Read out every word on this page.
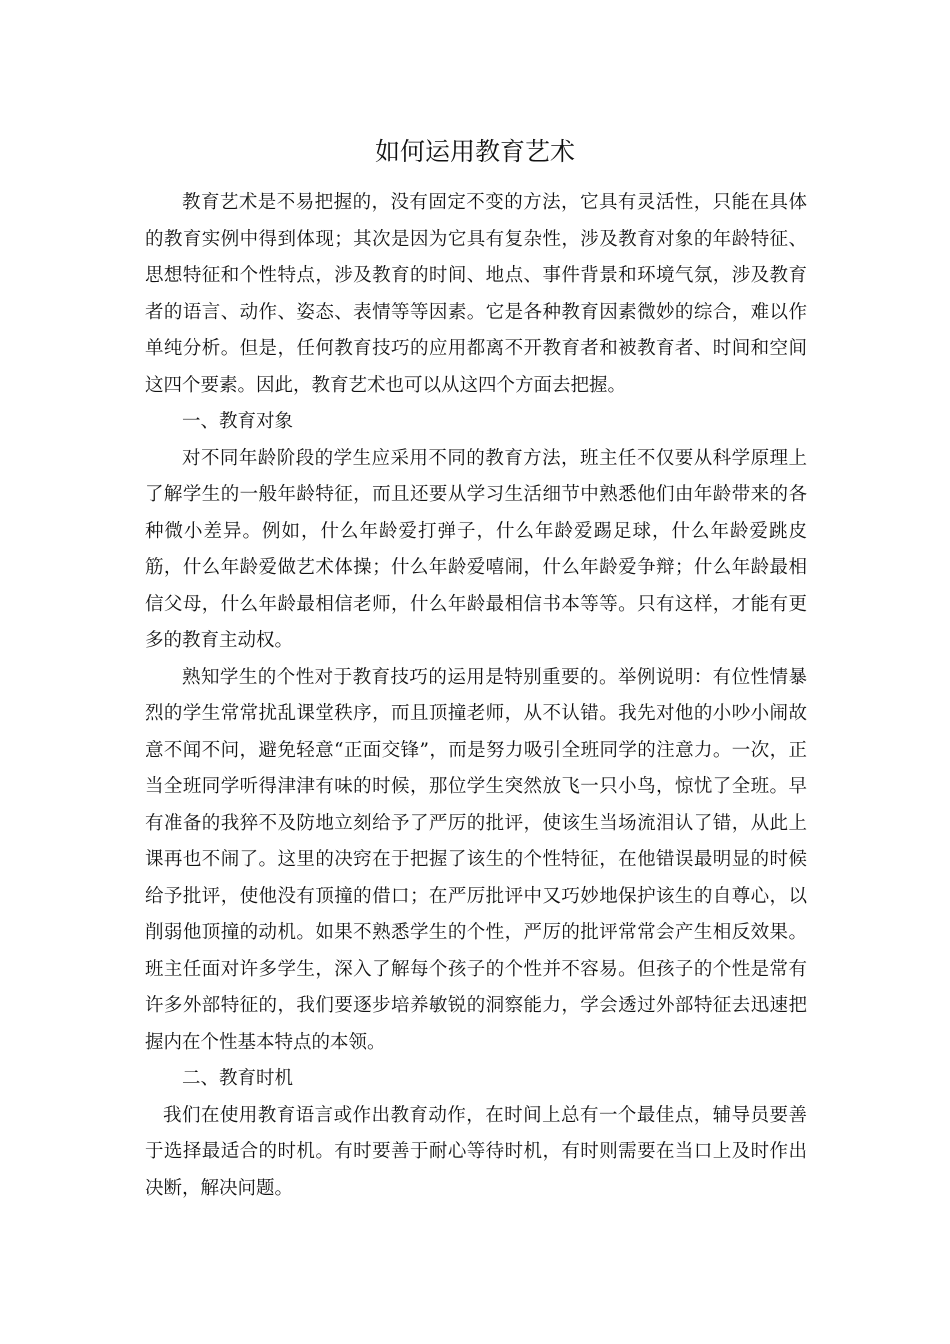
如何运用教育艺术

教育艺术是不易把握的，没有固定不变的方法，它具有灵活性，只能在具体的教育实例中得到体现；其次是因为它具有复杂性，涉及教育对象的年龄特征、思想特征和个性特点，涉及教育的时间、地点、事件背景和环境气氛，涉及教育者的语言、动作、姿态、表情等等因素。它是各种教育因素微妙的综合，难以作单纯分析。但是，任何教育技巧的应用都离不开教育者和被教育者、时间和空间这四个要素。因此，教育艺术也可以从这四个方面去把握。

一、教育对象

对不同年龄阶段的学生应采用不同的教育方法，班主任不仅要从科学原理上了解学生的一般年龄特征，而且还要从学习生活细节中熟悉他们由年龄带来的各种微小差异。例如，什么年龄爱打弹子，什么年龄爱踢足球，什么年龄爱跳皮筋，什么年龄爱做艺术体操；什么年龄爱嘻闹，什么年龄爱争辩；什么年龄最相信父母，什么年龄最相信老师，什么年龄最相信书本等等。只有这样，才能有更多的教育主动权。

熟知学生的个性对于教育技巧的运用是特别重要的。举例说明：有位性情暴烈的学生常常扰乱课堂秩序，而且顶撞老师，从不认错。我先对他的小吵小闹故意不闻不问，避免轻意“正面交锋”，而是努力吸引全班同学的注意力。一次，正当全班同学听得津津有味的时候，那位学生突然放飞一只小鸟，惊忧了全班。早有准备的我猝不及防地立刻给予了严厉的批评，使该生当场流泪认了错，从此上课再也不闹了。这里的决窍在于把握了该生的个性特征，在他错误最明显的时候给予批评，使他没有顶撞的借口；在严厉批评中又巧妙地保护该生的自尊心，以削弱他顶撞的动机。如果不熟悉学生的个性，严厉的批评常常会产生相反效果。班主任面对许多学生，深入了解每个孩子的个性并不容易。但孩子的个性是常有许多外部特征的，我们要逐步培养敏锐的洞察能力，学会透过外部特征去迅速把握内在个性基本特点的本领。

二、教育时机

我们在使用教育语言或作出教育动作，在时间上总有一个最佳点，辅导员要善于选择最适合的时机。有时要善于耐心等待时机，有时则需要在当口上及时作出决断，解决问题。
